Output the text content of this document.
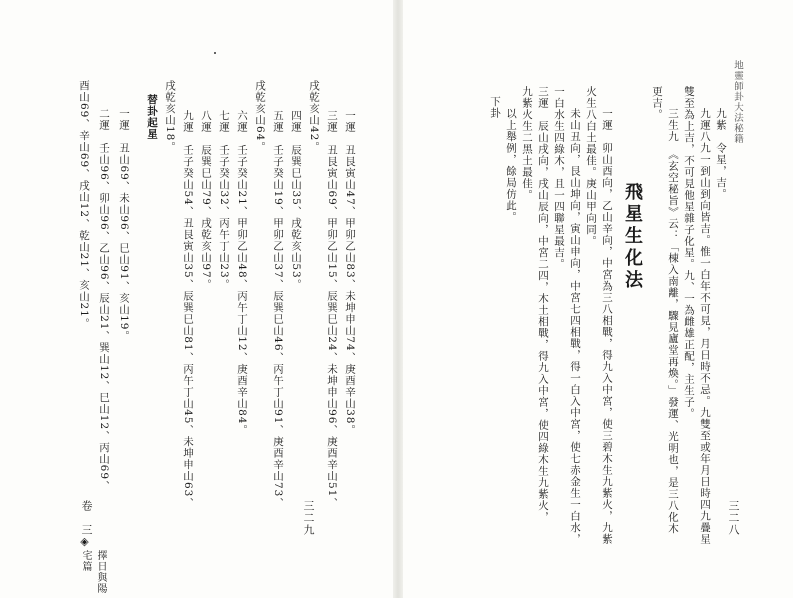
地靈師卦大法秘籍
九紫　令星，吉。
九運八九一到山到向皆吉。惟一白年不可見，月日時不忌。九雙至或年月日時四九疊星
雙至為上吉，不可見他星雜子化星。九、一為雌雄正配，主生子。
三生九　《玄空秘旨》云：「棟入南離，驟見廬堂再煥。」發運、光明也，是三八化木
更吉。
飛星生化法
一運　卯山酉向，乙山辛向，中宮為三八相戰，得九入中宮，使三碧木生九紫火，九紫
火生八白土最佳。庚山甲向同。
未山丑向，艮山坤向，寅山申向，中宮七四相戰，得一白入中宮，使七赤金生一白水，
一白水生四綠木，且一四聯星最吉。
三運　辰山戌向，戌山辰向，中宮二四，木土相戰，得九入中宮，使四綠木生九紫火，
九紫火生二黑土最佳。
以上舉例，餘局仿此。
下卦
三二八
一運　丑艮寅山47、甲卯乙山83、未坤申山74、庚酉辛山38。
三運　丑艮寅山69、甲卯乙山15、辰巽巳山24、未坤申山96、庚酉辛山51、
戌乾亥山42。
四運　辰巽巳山35、戌乾亥山53。
五運　壬子癸山19、甲卯乙山37、辰巽巳山46、丙午丁山91、庚酉辛山73、
戌乾亥山64。
六運　壬子癸山21、甲卯乙山48、丙午丁山12、庚酉辛山84。
七運　壬子癸山32、丙午丁山23。
八運　辰巽巳山79、戌乾亥山97。
九運　壬子癸山54、丑艮寅山35、辰巽巳山81、丙午丁山45、未坤申山63、
戌乾亥山18。
替卦起星
一運　丑山69、未山96、巳山91、亥山19。
二運　壬山96、卯山96、乙山96、辰山21、巽山12、巳山12、丙山69、
酉山69、辛山69、戌山12、乾山21、亥山21。
卷　三
◈
擇日與陽宅篇
三二九
